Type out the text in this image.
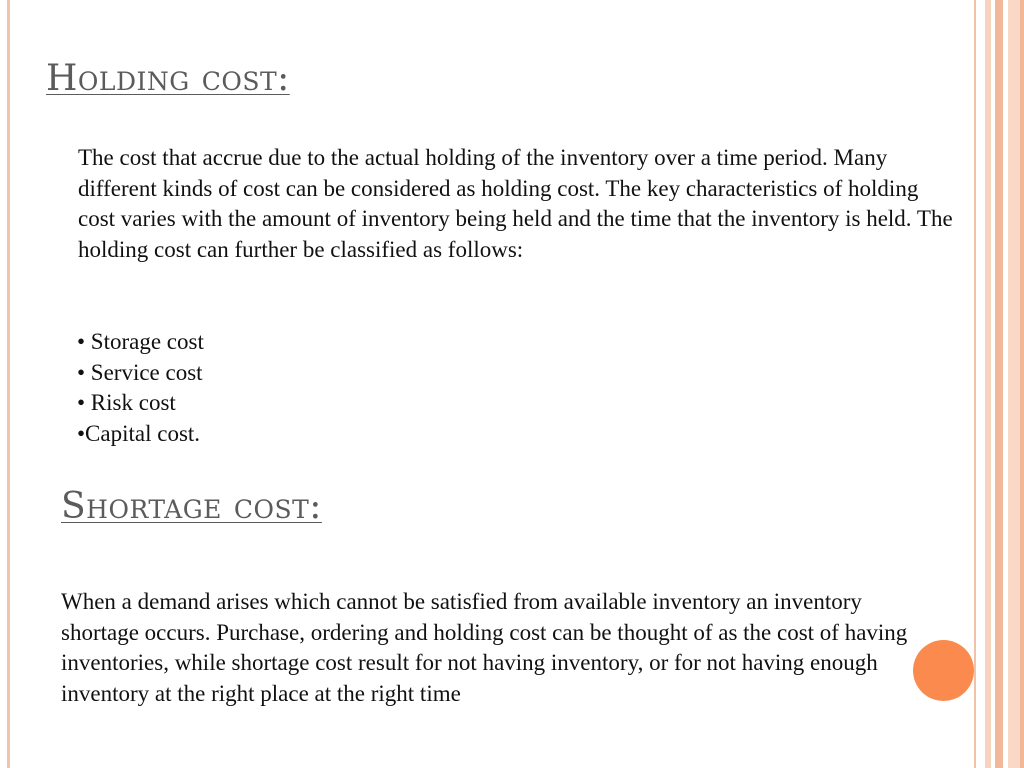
Holding cost:
The cost that accrue due to the actual holding of the inventory over a time period. Many different kinds of cost can be considered as holding cost. The key characteristics of holding cost varies with the amount of inventory being held and the time that the inventory is held. The holding cost can further be classified as follows:
• Storage cost
• Service cost
• Risk cost
•Capital cost.
Shortage cost:
When a demand arises which cannot be satisfied from available inventory an inventory shortage occurs. Purchase, ordering and holding cost can be thought of as the cost of having inventories, while shortage cost result for not having inventory, or for not having enough inventory at the right place at the right time
